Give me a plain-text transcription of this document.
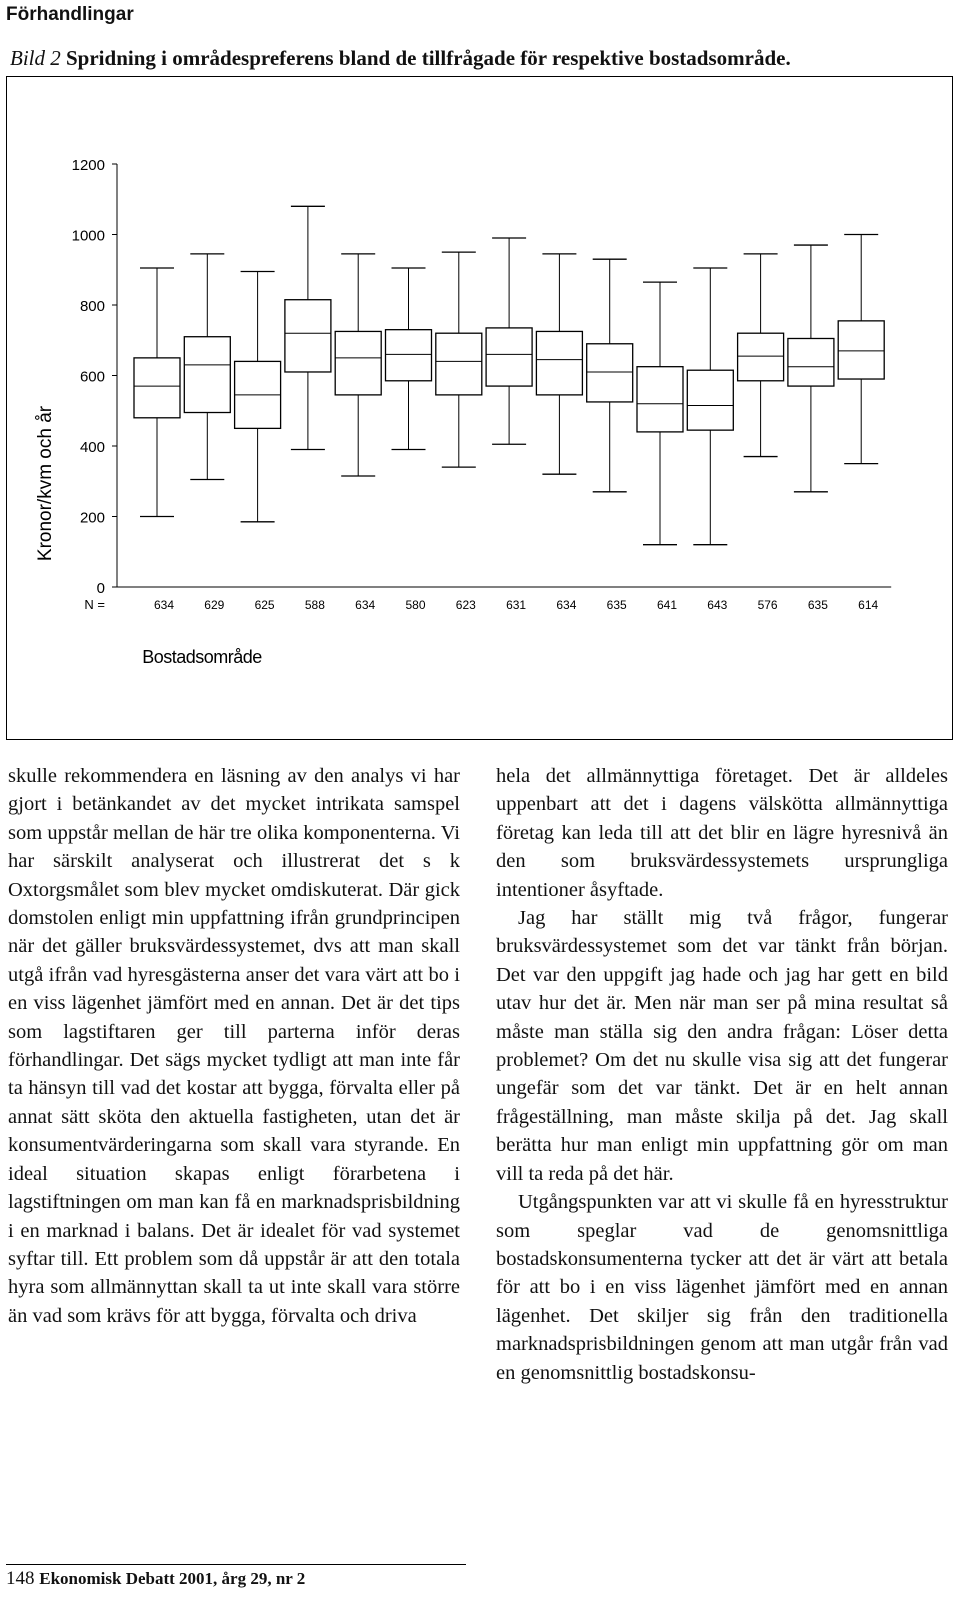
Förhandlingar
Bild 2 Spridning i områdespreferens bland de tillfrågade för respektive bostadsområde.
0
200
400
600
800
1000
1200
Kronor/kvm och år
N =	634	629	625	588	634	580	623	631	634	635	641	643	576	635	614
Bostadsområde

skulle rekommendera en läsning av den analys vi har gjort i betänkandet av det mycket intrikata samspel som uppstår mellan de här tre olika komponenterna. Vi har särskilt analyserat och illustrerat det s k Oxtorgsmålet som blev mycket omdiskuterat. Där gick domstolen enligt min uppfattning ifrån grundprincipen när det gäller bruksvärdessystemet, dvs att man skall utgå ifrån vad hyresgästerna anser det vara värt att bo i en viss lägenhet jämfört med en annan. Det är det tips som lagstiftaren ger till parterna inför deras förhandlingar. Det sägs mycket tydligt att man inte får ta hänsyn till vad det kostar att bygga, förvalta eller på annat sätt sköta den aktuella fastigheten, utan det är konsumentvärderingarna som skall vara styrande. En ideal situation skapas enligt förarbetena i lagstiftningen om man kan få en marknadsprisbildning i en marknad i balans. Det är idealet för vad systemet syftar till. Ett problem som då uppstår är att den totala hyra som allmännyttan skall ta ut inte skall vara större än vad som krävs för att bygga, förvalta och driva

hela det allmännyttiga företaget. Det är alldeles uppenbart att det i dagens välskötta allmännyttiga företag kan leda till att det blir en lägre hyresnivå än den som bruksvärdessystemets ursprungliga intentioner åsyftade.

Jag har ställt mig två frågor, fungerar bruksvärdessystemet som det var tänkt från början. Det var den uppgift jag hade och jag har gett en bild utav hur det är. Men när man ser på mina resultat så måste man ställa sig den andra frågan: Löser detta problemet? Om det nu skulle visa sig att det fungerar ungefär som det var tänkt. Det är en helt annan frågeställning, man måste skilja på det. Jag skall berätta hur man enligt min uppfattning gör om man vill ta reda på det här.

Utgångspunkten var att vi skulle få en hyresstruktur som speglar vad de genomsnittliga bostadskonsumenterna tycker att det är värt att betala för att bo i en viss lägenhet jämfört med en annan lägenhet. Det skiljer sig från den traditionella marknadsprisbildningen genom att man utgår från vad en genomsnittlig bostadskonsu-

148 Ekonomisk Debatt 2001, årg 29, nr 2
